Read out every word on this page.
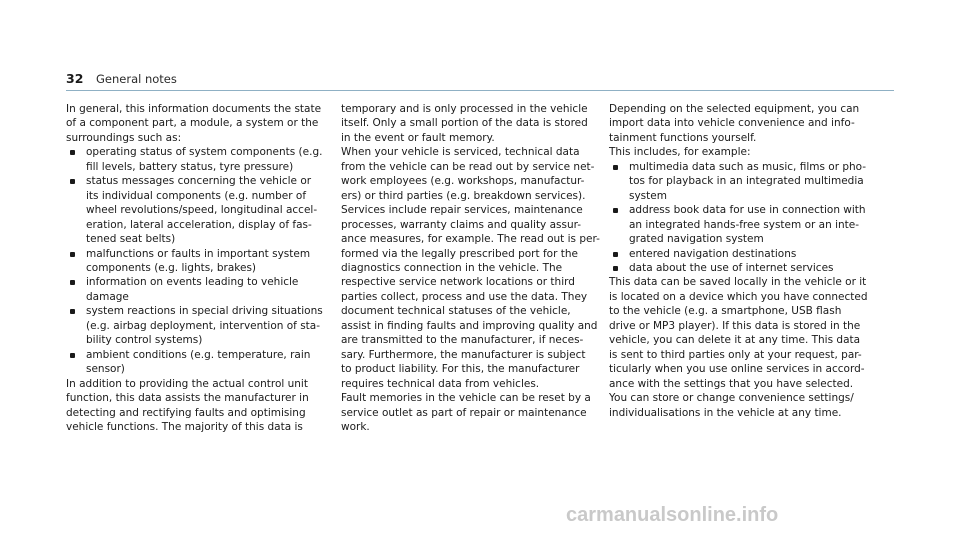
32 General notes

In general, this information documents the state
of a component part, a module, a system or the
surroundings such as:

operating status of system components (e.g.
fill levels, battery status, tyre pressure)
status messages concerning the vehicle or
its individual components (e.g. number of
wheel revolutions/speed, longitudinal accel-
eration, lateral acceleration, display of fas-
tened seat belts)
malfunctions or faults in important system
components (e.g. lights, brakes)
information on events leading to vehicle
damage
system reactions in special driving situations
(e.g. airbag deployment, intervention of sta-
bility control systems)
ambient conditions (e.g. temperature, rain
sensor)

In addition to providing the actual control unit
function, this data assists the manufacturer in
detecting and rectifying faults and optimising
vehicle functions. The majority of this data is

temporary and is only processed in the vehicle
itself. Only a small portion of the data is stored
in the event or fault memory.

When your vehicle is serviced, technical data
from the vehicle can be read out by service net-
work employees (e.g. workshops, manufactur-
ers) or third parties (e.g. breakdown services).
Services include repair services, maintenance
processes, warranty claims and quality assur-
ance measures, for example. The read out is per-
formed via the legally prescribed port for the
diagnostics connection in the vehicle. The
respective service network locations or third
parties collect, process and use the data. They
document technical statuses of the vehicle,
assist in finding faults and improving quality and
are transmitted to the manufacturer, if neces-
sary. Furthermore, the manufacturer is subject
to product liability. For this, the manufacturer
requires technical data from vehicles.

Fault memories in the vehicle can be reset by a
service outlet as part of repair or maintenance
work.

Depending on the selected equipment, you can
import data into vehicle convenience and info-
tainment functions yourself.

This includes, for example:

multimedia data such as music, films or pho-
tos for playback in an integrated multimedia
system
address book data for use in connection with
an integrated hands-free system or an inte-
grated navigation system
entered navigation destinations
data about the use of internet services

This data can be saved locally in the vehicle or it
is located on a device which you have connected
to the vehicle (e.g. a smartphone, USB flash
drive or MP3 player). If this data is stored in the
vehicle, you can delete it at any time. This data
is sent to third parties only at your request, par-
ticularly when you use online services in accord-
ance with the settings that you have selected.

You can store or change convenience settings/
individualisations in the vehicle at any time.

carmanualsonline.info
